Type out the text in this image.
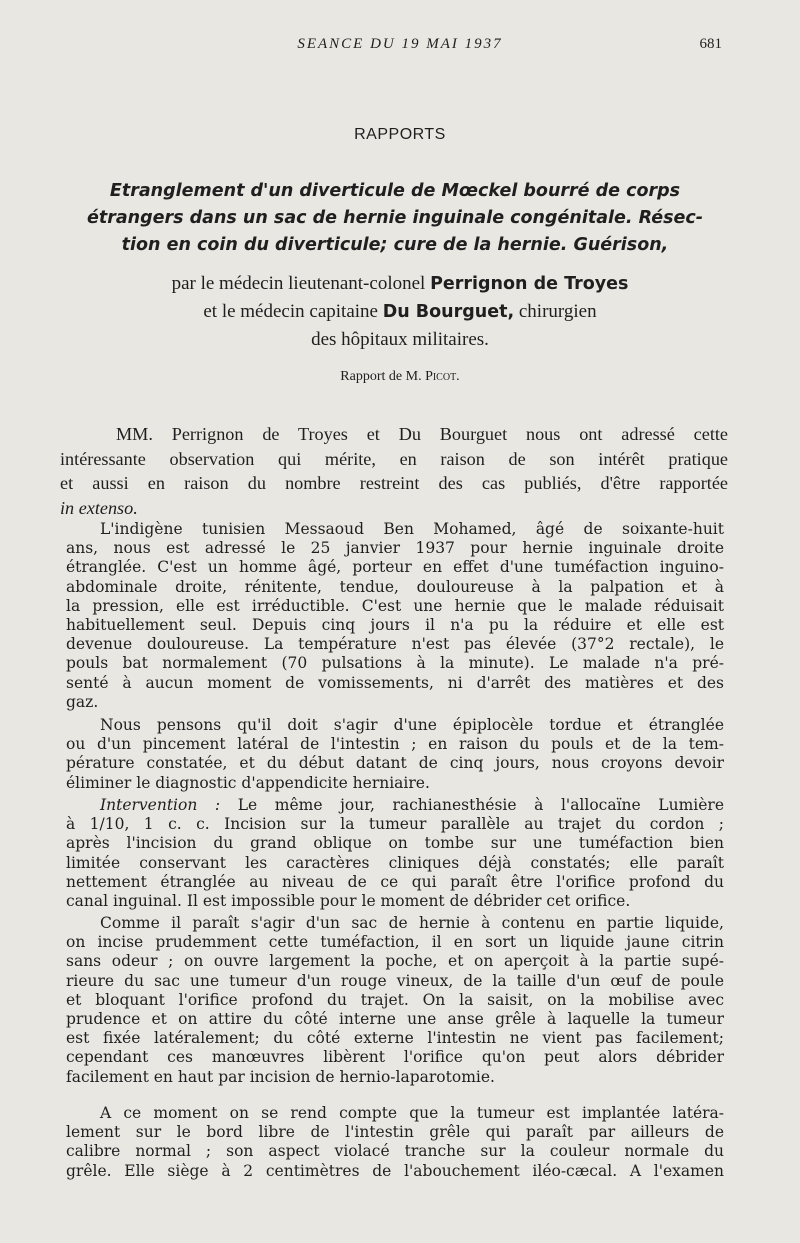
SEANCE DU 19 MAI 1937	681
RAPPORTS
Etranglement d'un diverticule de Mœckel bourré de corps
étrangers dans un sac de hernie inguinale congénitale. Résec-
tion en coin du diverticule; cure de la hernie. Guérison,

par le médecin lieutenant-colonel Perrignon de Troyes
et le médecin capitaine Du Bourguet, chirurgien
des hôpitaux militaires.

Rapport de M. Picot.

MM. Perrignon de Troyes et Du Bourguet nous ont adressé cette
intéressante observation qui mérite, en raison de son intérêt pratique
et aussi en raison du nombre restreint des cas publiés, d'être rapportée
in extenso.

L'indigène tunisien Messaoud Ben Mohamed, âgé de soixante-huit
ans, nous est adressé le 25 janvier 1937 pour hernie inguinale droite
étranglée. C'est un homme âgé, porteur en effet d'une tuméfaction inguino-
abdominale droite, rénitente, tendue, douloureuse à la palpation et à
la pression, elle est irréductible. C'est une hernie que le malade réduisait
habituellement seul. Depuis cinq jours il n'a pu la réduire et elle est
devenue douloureuse. La température n'est pas élevée (37°2 rectale), le
pouls bat normalement (70 pulsations à la minute). Le malade n'a pré-
senté à aucun moment de vomissements, ni d'arrêt des matières et des
gaz.

Nous pensons qu'il doit s'agir d'une épiplocèle tordue et étranglée
ou d'un pincement latéral de l'intestin ; en raison du pouls et de la tem-
pérature constatée, et du début datant de cinq jours, nous croyons devoir
éliminer le diagnostic d'appendicite herniaire.

Intervention : Le même jour, rachianesthésie à l'allocaïne Lumière
à 1/10, 1 c. c. Incision sur la tumeur parallèle au trajet du cordon ;
après l'incision du grand oblique on tombe sur une tuméfaction bien
limitée conservant les caractères cliniques déjà constatés; elle paraît
nettement étranglée au niveau de ce qui paraît être l'orifice profond du
canal inguinal. Il est impossible pour le moment de débrider cet orifice.

Comme il paraît s'agir d'un sac de hernie à contenu en partie liquide,
on incise prudemment cette tuméfaction, il en sort un liquide jaune citrin
sans odeur ; on ouvre largement la poche, et on aperçoit à la partie supé-
rieure du sac une tumeur d'un rouge vineux, de la taille d'un œuf de poule
et bloquant l'orifice profond du trajet. On la saisit, on la mobilise avec
prudence et on attire du côté interne une anse grêle à laquelle la tumeur
est fixée latéralement; du côté externe l'intestin ne vient pas facilement;
cependant ces manœuvres libèrent l'orifice qu'on peut alors débrider
facilement en haut par incision de hernio-laparotomie.

A ce moment on se rend compte que la tumeur est implantée latéra-
lement sur le bord libre de l'intestin grêle qui paraît par ailleurs de
calibre normal ; son aspect violacé tranche sur la couleur normale du
grêle. Elle siège à 2 centimètres de l'abouchement iléo-cæcal. A l'examen
